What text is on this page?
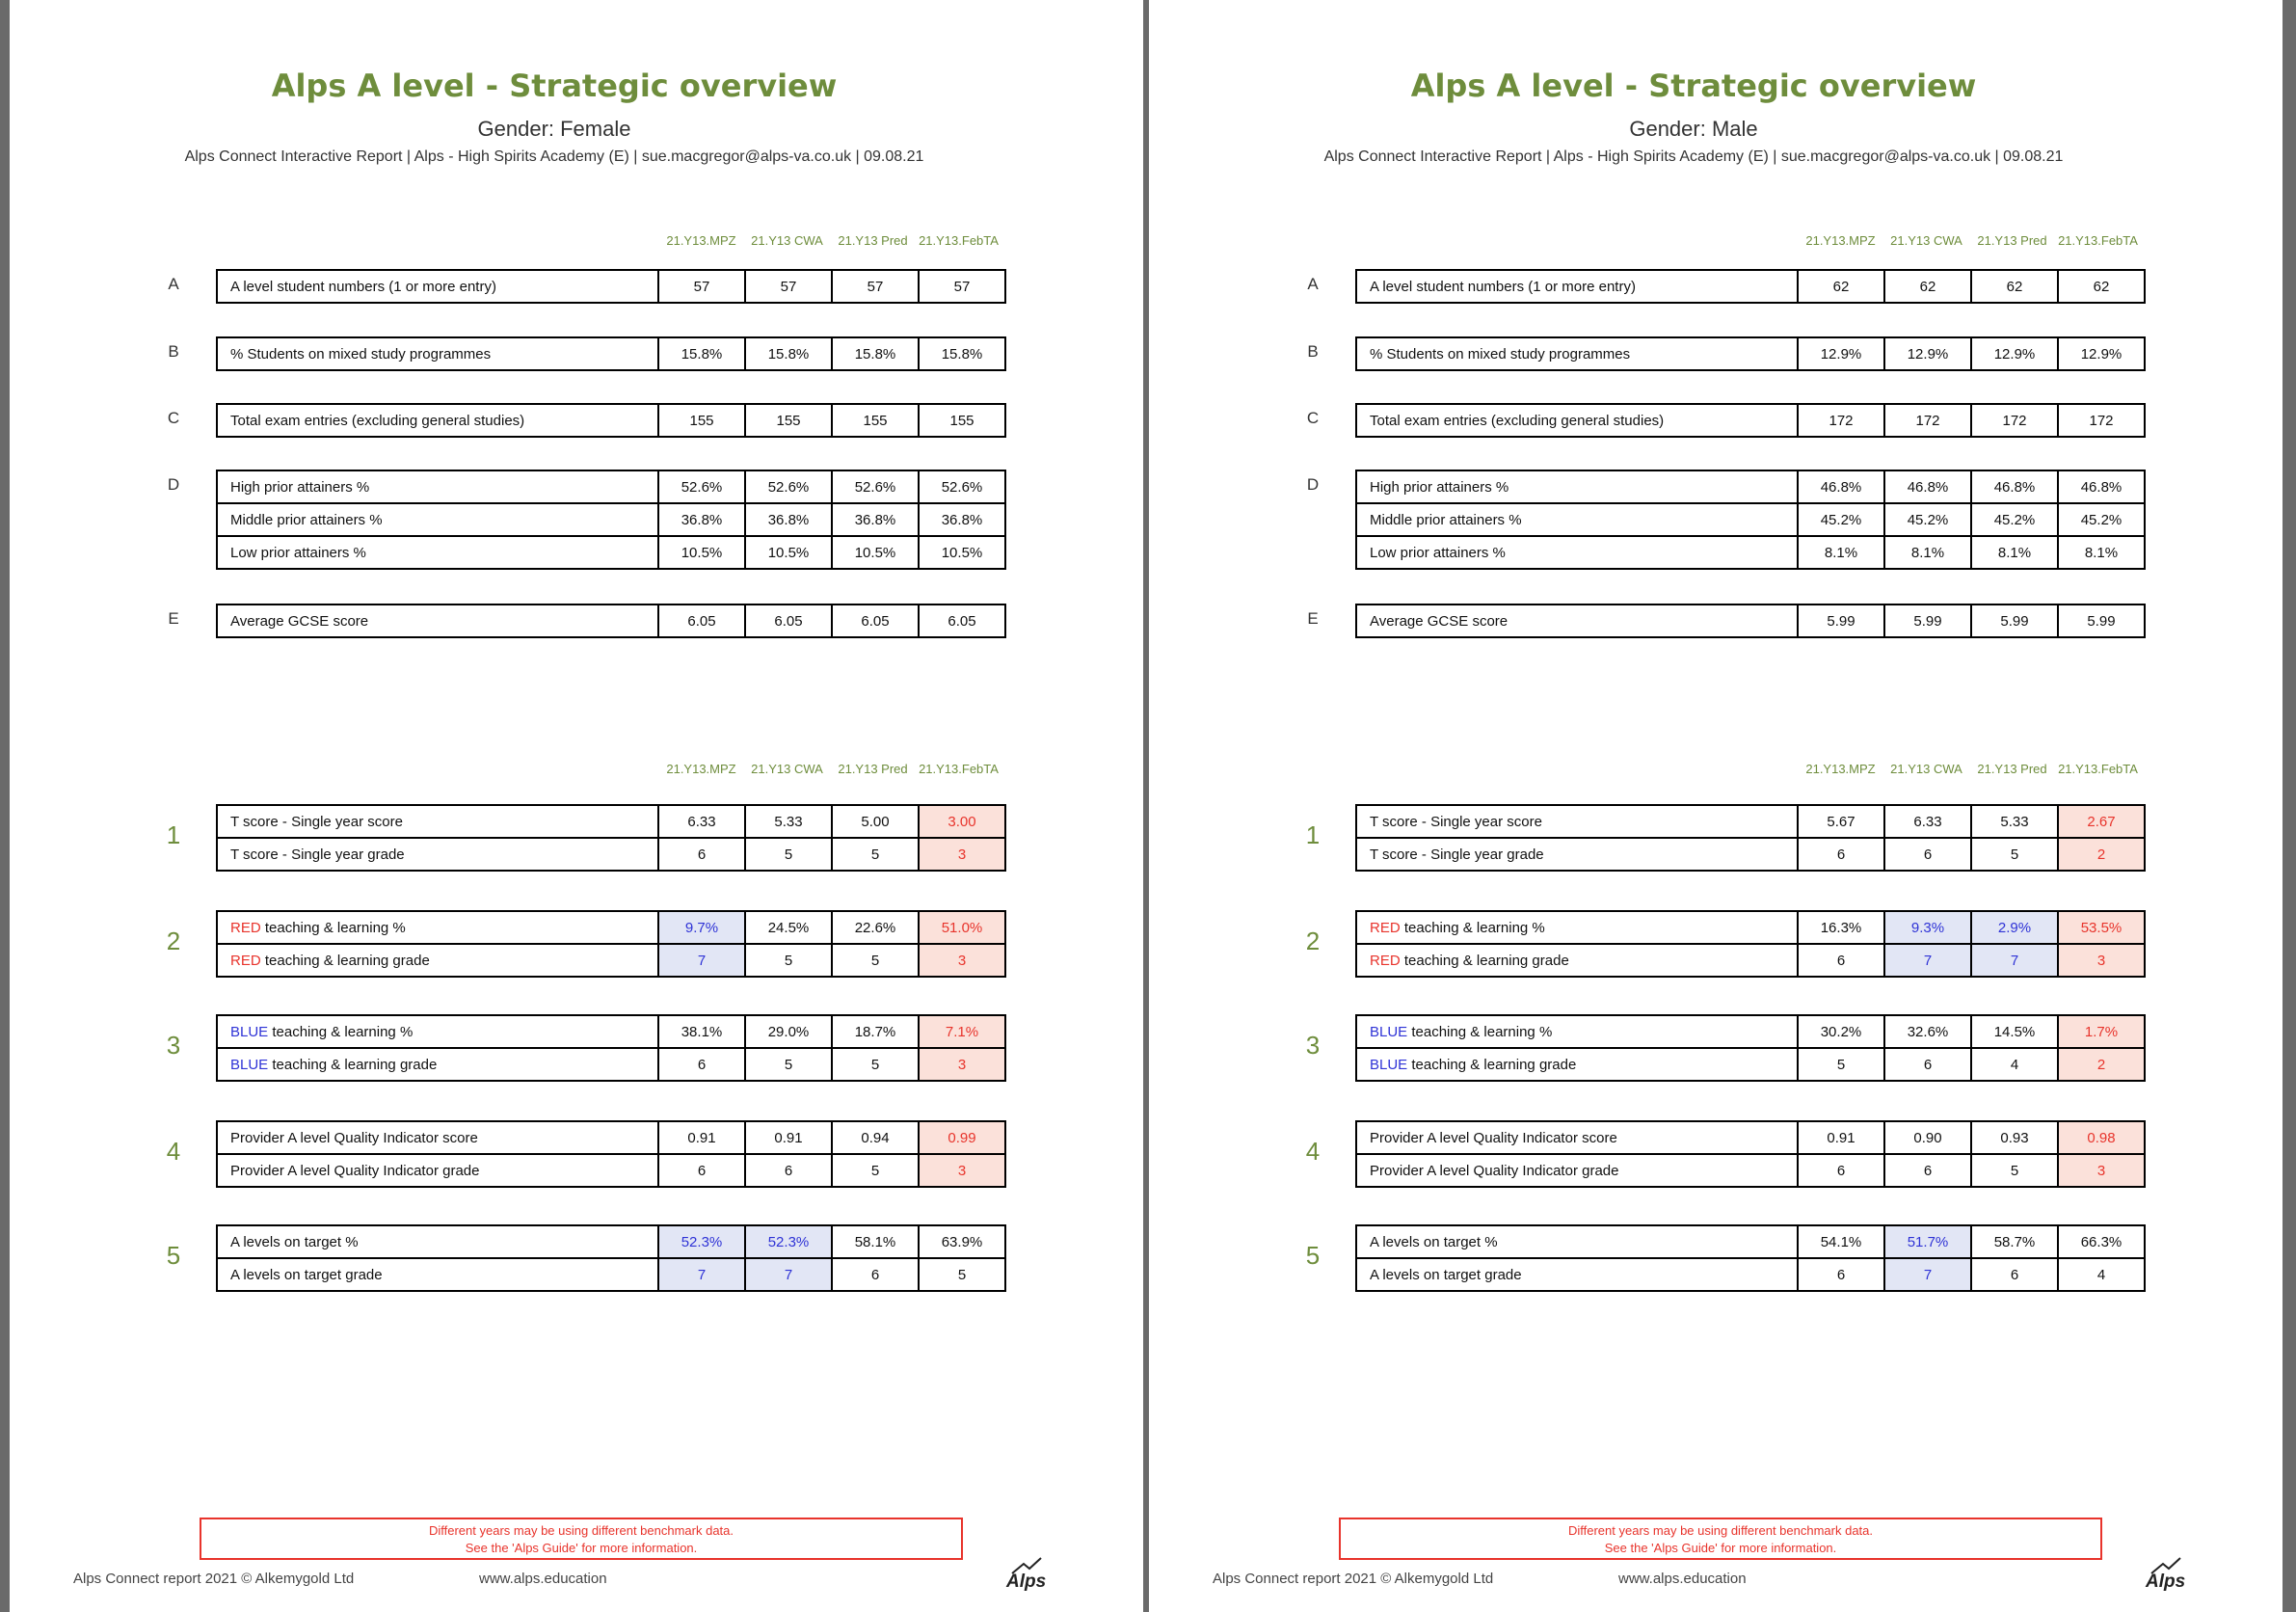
Alps A level - Strategic overview
Gender: Female
Alps Connect Interactive Report | Alps - High Spirits Academy (E) | sue.macgregor@alps-va.co.uk | 09.08.21
21.Y13.MPZ	21.Y13 CWA	21.Y13 Pred 21.Y13.FebTA
21.Y13.MPZ	21.Y13 CWA	21.Y13 Pred 21.Y13.FebTA
A	A level student numbers (1 or more entry)	57	57	57	57
B	% Students on mixed study programmes	15.8%	15.8%	15.8%	15.8%
C	Total exam entries (excluding general studies)	155	155	155	155
D	High prior attainers %	52.6%	52.6%	52.6%	52.6%
Middle prior attainers %	36.8%	36.8%	36.8%	36.8%
Low prior attainers %	10.5%	10.5%	10.5%	10.5%
E	Average GCSE score	6.05	6.05	6.05	6.05
1	T score - Single year score	6.33	5.33	5.00	3.00
T score - Single year grade	6	5	5	3
2	RED teaching & learning %	9.7%	24.5%	22.6%	51.0%
RED teaching & learning grade	7	5	5	3
3	BLUE teaching & learning %	38.1%	29.0%	18.7%	7.1%
BLUE teaching & learning grade	6	5	5	3
4	Provider A level Quality Indicator score	0.91	0.91	0.94	0.99
Provider A level Quality Indicator grade	6	6	5	3
5	A levels on target %	52.3%	52.3%	58.1%	63.9%
A levels on target grade	7	7	6	5
Different years may be using different benchmark data.
See the 'Alps Guide' for more information.
Alps Connect report 2021 © Alkemygold Ltd	www.alps.education	Alps
Alps A level - Strategic overview
Gender: Male
Alps Connect Interactive Report | Alps - High Spirits Academy (E) | sue.macgregor@alps-va.co.uk | 09.08.21
21.Y13.MPZ	21.Y13 CWA	21.Y13 Pred 21.Y13.FebTA
21.Y13.MPZ	21.Y13 CWA	21.Y13 Pred 21.Y13.FebTA
A	A level student numbers (1 or more entry)	62	62	62	62
B	% Students on mixed study programmes	12.9%	12.9%	12.9%	12.9%
C	Total exam entries (excluding general studies)	172	172	172	172
D	High prior attainers %	46.8%	46.8%	46.8%	46.8%
Middle prior attainers %	45.2%	45.2%	45.2%	45.2%
Low prior attainers %	8.1%	8.1%	8.1%	8.1%
E	Average GCSE score	5.99	5.99	5.99	5.99
1	T score - Single year score	5.67	6.33	5.33	2.67
T score - Single year grade	6	6	5	2
2	RED teaching & learning %	16.3%	9.3%	2.9%	53.5%
RED teaching & learning grade	6	7	7	3
3	BLUE teaching & learning %	30.2%	32.6%	14.5%	1.7%
BLUE teaching & learning grade	5	6	4	2
4	Provider A level Quality Indicator score	0.91	0.90	0.93	0.98
Provider A level Quality Indicator grade	6	6	5	3
5	A levels on target %	54.1%	51.7%	58.7%	66.3%
A levels on target grade	6	7	6	4
Different years may be using different benchmark data.
See the 'Alps Guide' for more information.
Alps Connect report 2021 © Alkemygold Ltd	www.alps.education	Alps
